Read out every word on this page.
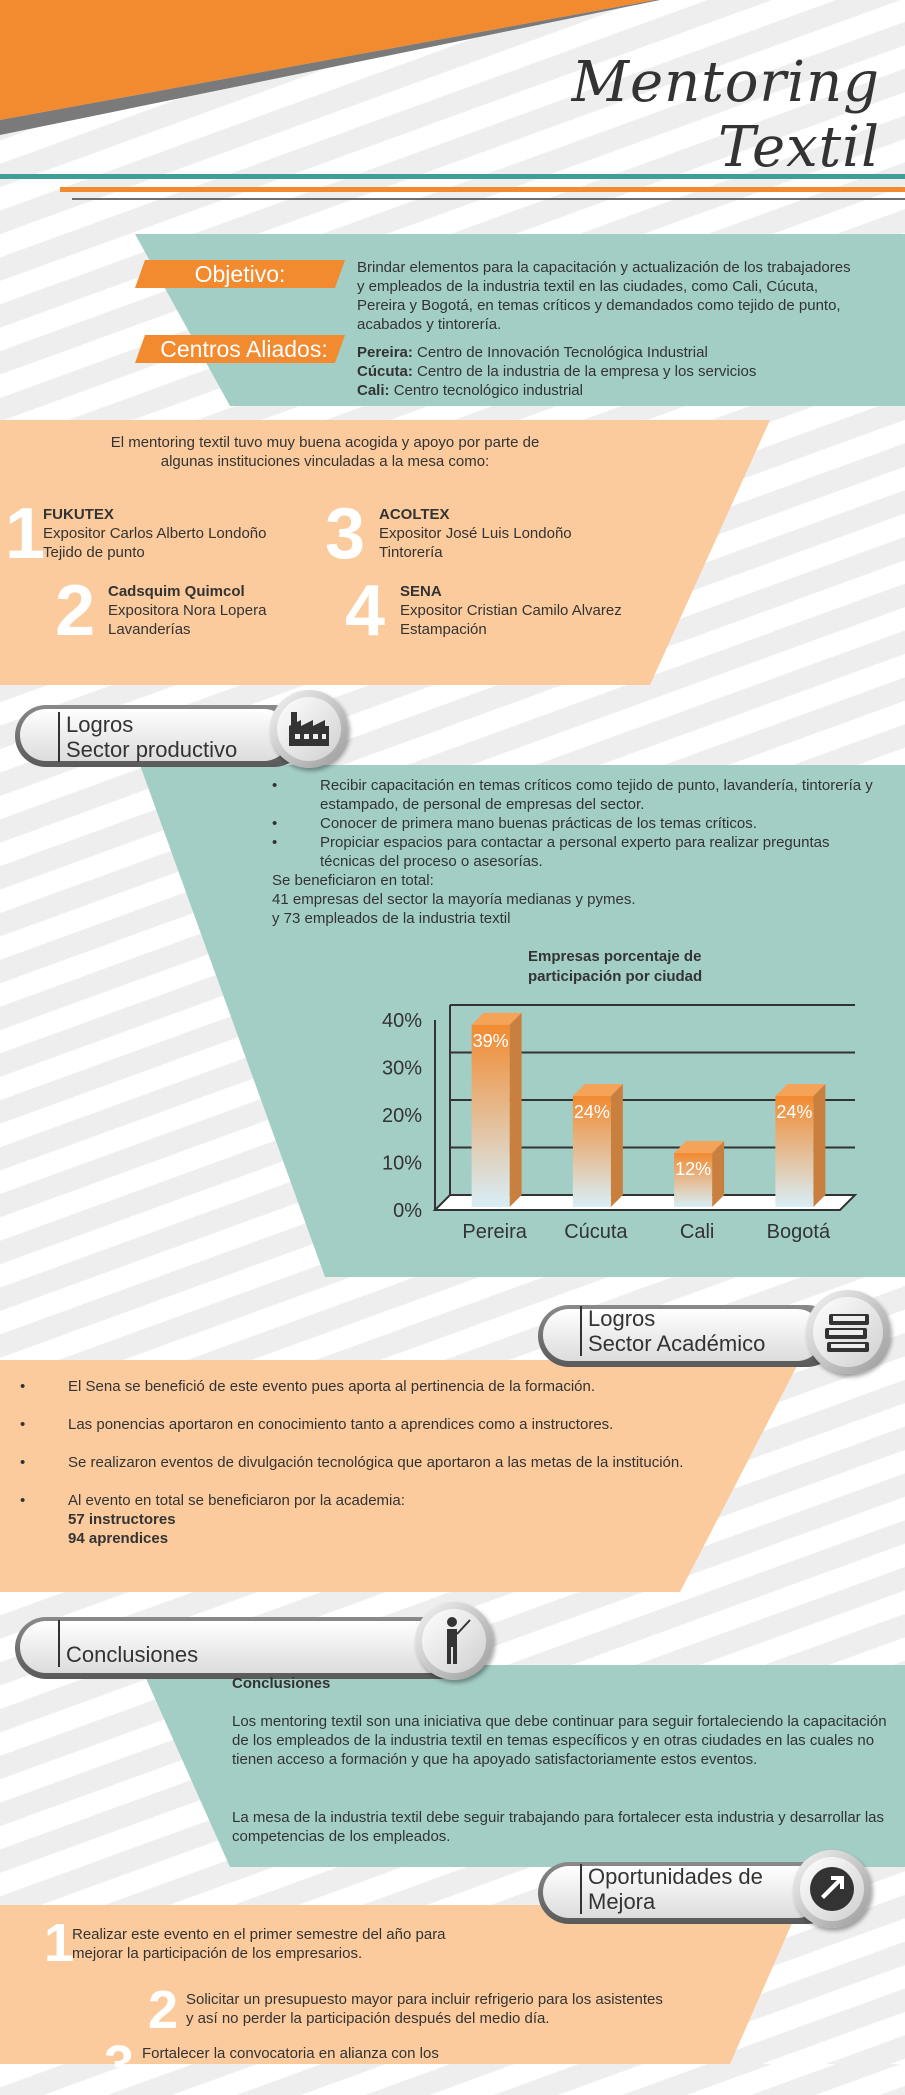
Mentoring Textil
Objetivo:	Brindar elementos para la capacitación y actualización de los trabajadores y empleados de la industria textil en las ciudades, como Cali, Cúcuta, Pereira y Bogotá, en temas críticos y demandados como tejido de punto, acabados y tintorería.
Centros Aliados:	Pereira: Centro de Innovación Tecnológica Industrial
Cúcuta: Centro de la industria de la empresa y los servicios
Cali: Centro tecnológico industrial
El mentoring textil tuvo muy buena acogida y apoyo por parte de algunas instituciones vinculadas a la mesa como:
1
FUKUTEX
Expositor Carlos Alberto Londoño
Tejido de punto
2 Cadsquim Quimcol
Expositora Nora Lopera
Lavanderías
3 ACOLTEX
Expositor José Luis Londoño
Tintorería
4 SENA
Expositor Cristian Camilo Alvarez
Estampación
Logros
Sector productivo
• Recibir capacitación en temas críticos como tejido de punto, lavandería, tintorería y estampado, de personal de empresas del sector.
• Conocer de primera mano buenas prácticas de los temas críticos.
• Propiciar espacios para contactar a personal experto para realizar preguntas técnicas del proceso o asesorías.
Se beneficiaron en total:
41 empresas del sector la mayoría medianas y pymes.
y 73 empleados de la industria textil
Empresas porcentaje de participación por ciudad
0%
10%
20%
30%
40%
39%
24%
12%
24%
Pereira Cúcuta	Cali	Bogotá
Logros
Sector Académico
• El Sena se benefició de este evento pues aporta al pertinencia de la formación.
• Las ponencias aportaron en conocimiento tanto a aprendices como a instructores.
• Se realizaron eventos de divulgación tecnológica que aportaron a las metas de la institución.
• Al evento en total se beneficiaron por la academia:
57 instructores
94 aprendices
Conclusiones
Conclusiones
Los mentoring textil son una iniciativa que debe continuar para seguir fortaleciendo la capacitación de los empleados de la industria textil en temas específicos y en otras ciudades en las cuales no tienen acceso a formación y que ha apoyado satisfactoriamente estos eventos.
La mesa de la industria textil debe seguir trabajando para fortalecer esta industria y desarrollar las competencias de los empleados.
Oportunidades de
Mejora
1
Realizar este evento en el primer semestre del año para mejorar la participación de los empresarios.
2 Solicitar un presupuesto mayor para incluir refrigerio para los asistentes y así no perder la participación después del medio día.
3 Fortalecer la convocatoria en alianza con los
